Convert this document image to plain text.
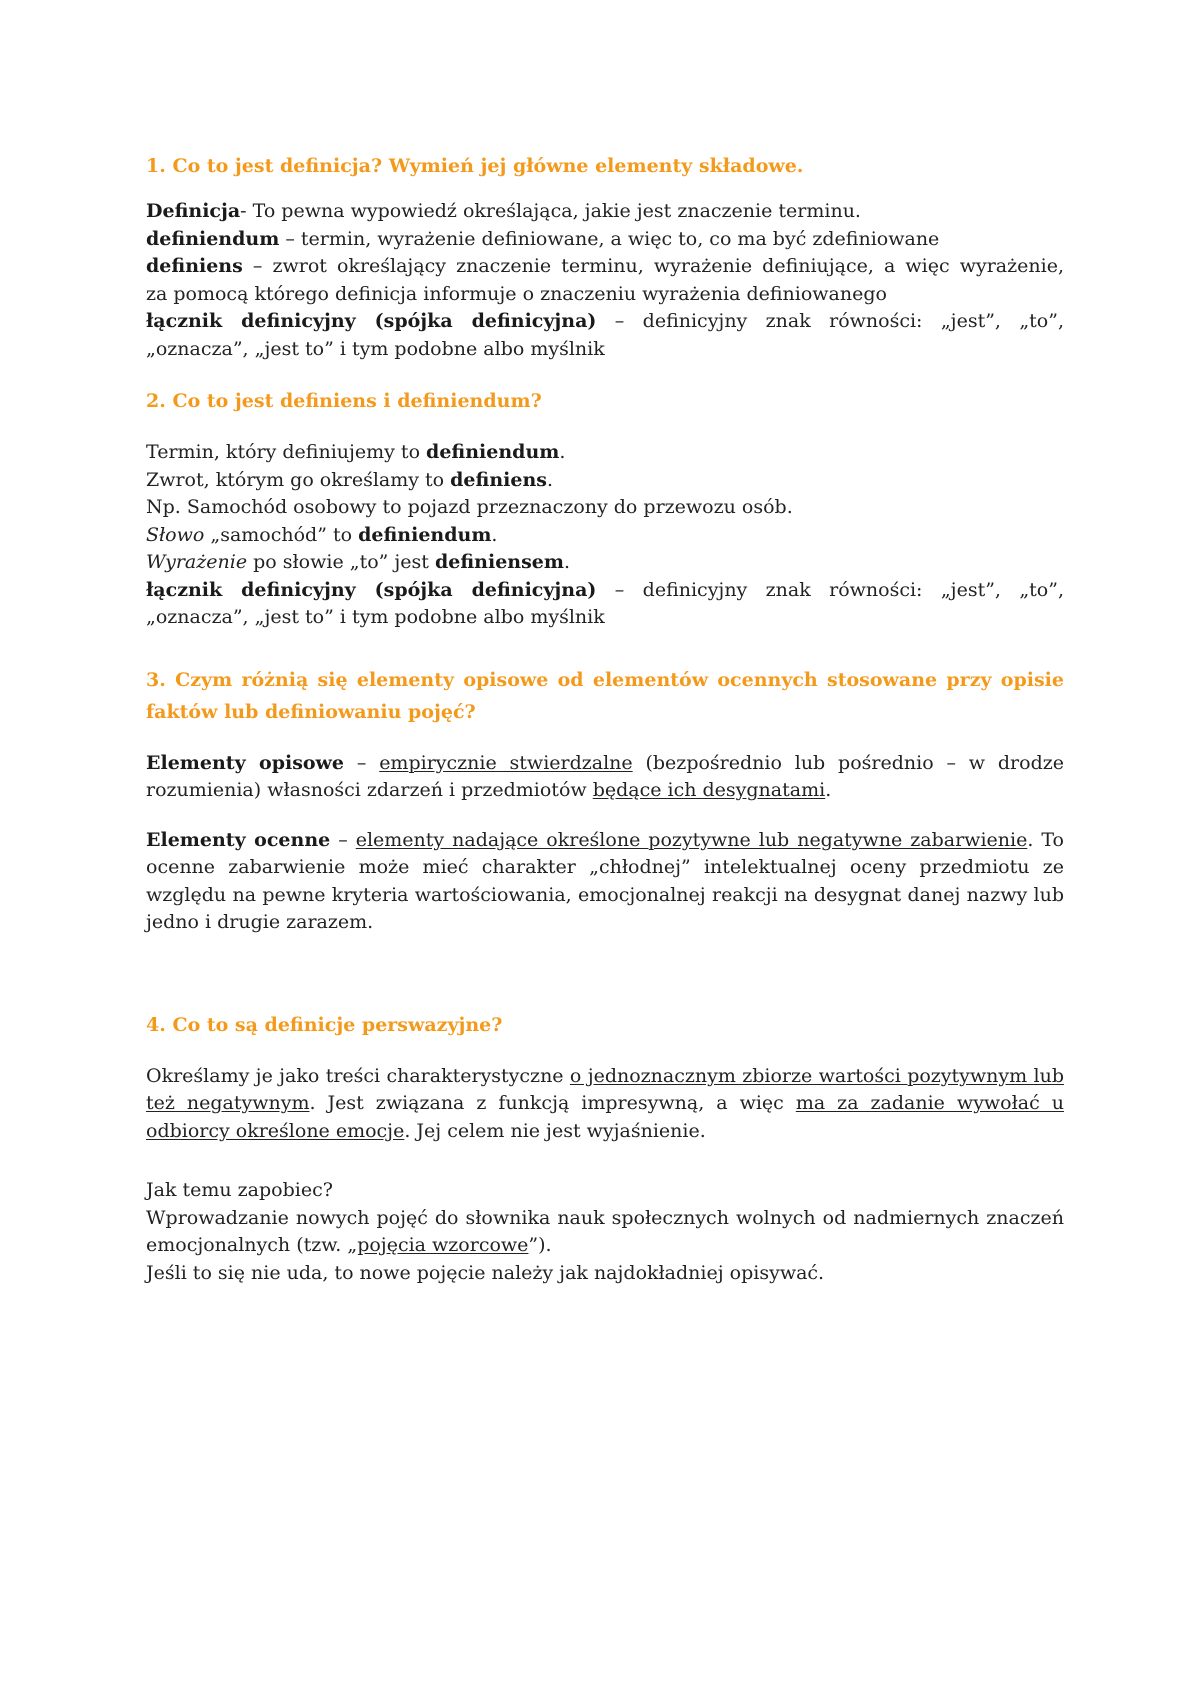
1. Co to jest definicja? Wymień jej główne elementy składowe.

Definicja- To pewna wypowiedź określająca, jakie jest znaczenie terminu.

definiendum – termin, wyrażenie definiowane, a więc to, co ma być zdefiniowane

definiens – zwrot określający znaczenie terminu, wyrażenie definiujące, a więc wyrażenie,

za pomocą którego definicja informuje o znaczeniu wyrażenia definiowanego

łącznik definicyjny (spójka definicyjna) – definicyjny znak równości: „jest”, „to”,

„oznacza”, „jest to” i tym podobne albo myślnik

2. Co to jest definiens i definiendum?

Termin, który definiujemy to definiendum.

Zwrot, którym go określamy to definiens.

Np. Samochód osobowy to pojazd przeznaczony do przewozu osób.

Słowo „samochód” to definiendum.

Wyrażenie po słowie „to” jest definiensem.

łącznik definicyjny (spójka definicyjna) – definicyjny znak równości: „jest”, „to”,

„oznacza”, „jest to” i tym podobne albo myślnik

3. Czym różnią się elementy opisowe od elementów ocennych stosowane przy opisie faktów lub definiowaniu pojęć?

Elementy opisowe – empirycznie stwierdzalne (bezpośrednio lub pośrednio – w drodze rozumienia) własności zdarzeń i przedmiotów będące ich desygnatami.

Elementy ocenne – elementy nadające określone pozytywne lub negatywne zabarwienie. To ocenne zabarwienie może mieć charakter „chłodnej” intelektualnej oceny przedmiotu ze względu na pewne kryteria wartościowania, emocjonalnej reakcji na desygnat danej nazwy lub jedno i drugie zarazem.

4. Co to są definicje perswazyjne?

Określamy je jako treści charakterystyczne o jednoznacznym zbiorze wartości pozytywnym lub też negatywnym. Jest związana z funkcją impresywną, a więc ma za zadanie wywołać u odbiorcy określone emocje. Jej celem nie jest wyjaśnienie.

Jak temu zapobiec?

Wprowadzanie nowych pojęć do słownika nauk społecznych wolnych od nadmiernych znaczeń emocjonalnych (tzw. „pojęcia wzorcowe”).

Jeśli to się nie uda, to nowe pojęcie należy jak najdokładniej opisywać.
